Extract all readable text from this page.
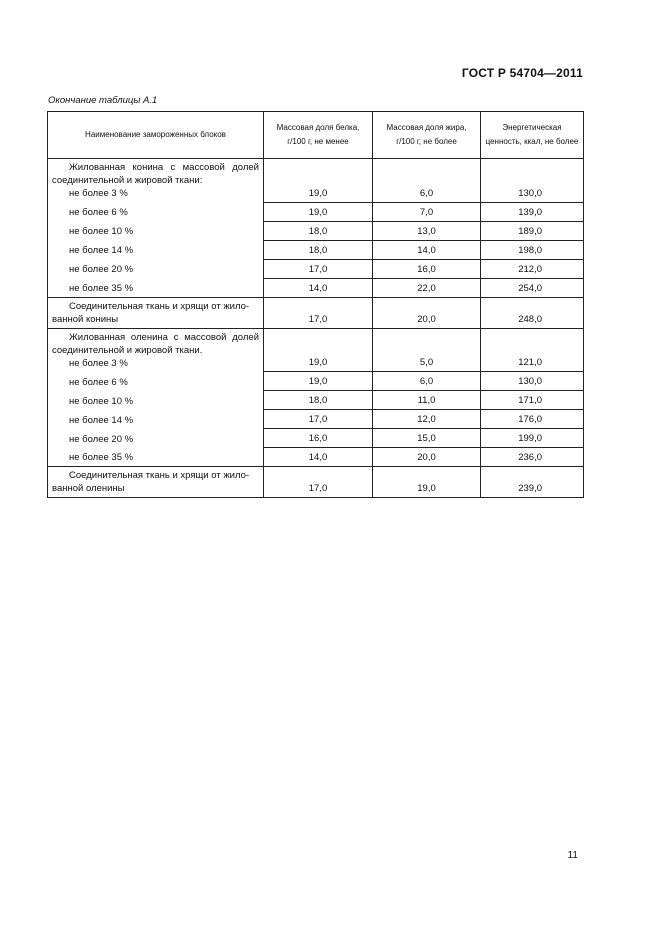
ГОСТ Р 54704—2011
Окончание таблицы А.1
Наименование замороженных блоков	Массовая доля белка, г/100 г, не менее	Массовая доля жира, г/100 г, не более	Энергетическая ценность, ккал, не более

Жилованная конина с массовой долей соединительной и жировой ткани:
не более 3 %	19,0	6,0	130,0

не более 6 %	19,0	7,0	139,0

не более 10 %	18,0	13,0	189,0

не более 14 %	18,0	14,0	198,0

не более 20 %	17,0	16,0	212,0

не более 35 %	14,0	22,0	254,0

Соединительная ткань и хрящи от жило-
ванной конины	17,0	20,0	248,0

Жилованная оленина с массовой долей соединительной и жировой ткани.
не более 3 %	19,0	5,0	121,0

не более 6 %	19,0	6,0	130,0

не более 10 %	18,0	11,0	171,0

не более 14 %	17,0	12,0	176,0

не более 20 %	16,0	15,0	199,0

не более 35 %	14,0	20,0	236,0

Соединительная ткань и хрящи от жило-
ванной оленины	17,0	19,0	239,0
11
